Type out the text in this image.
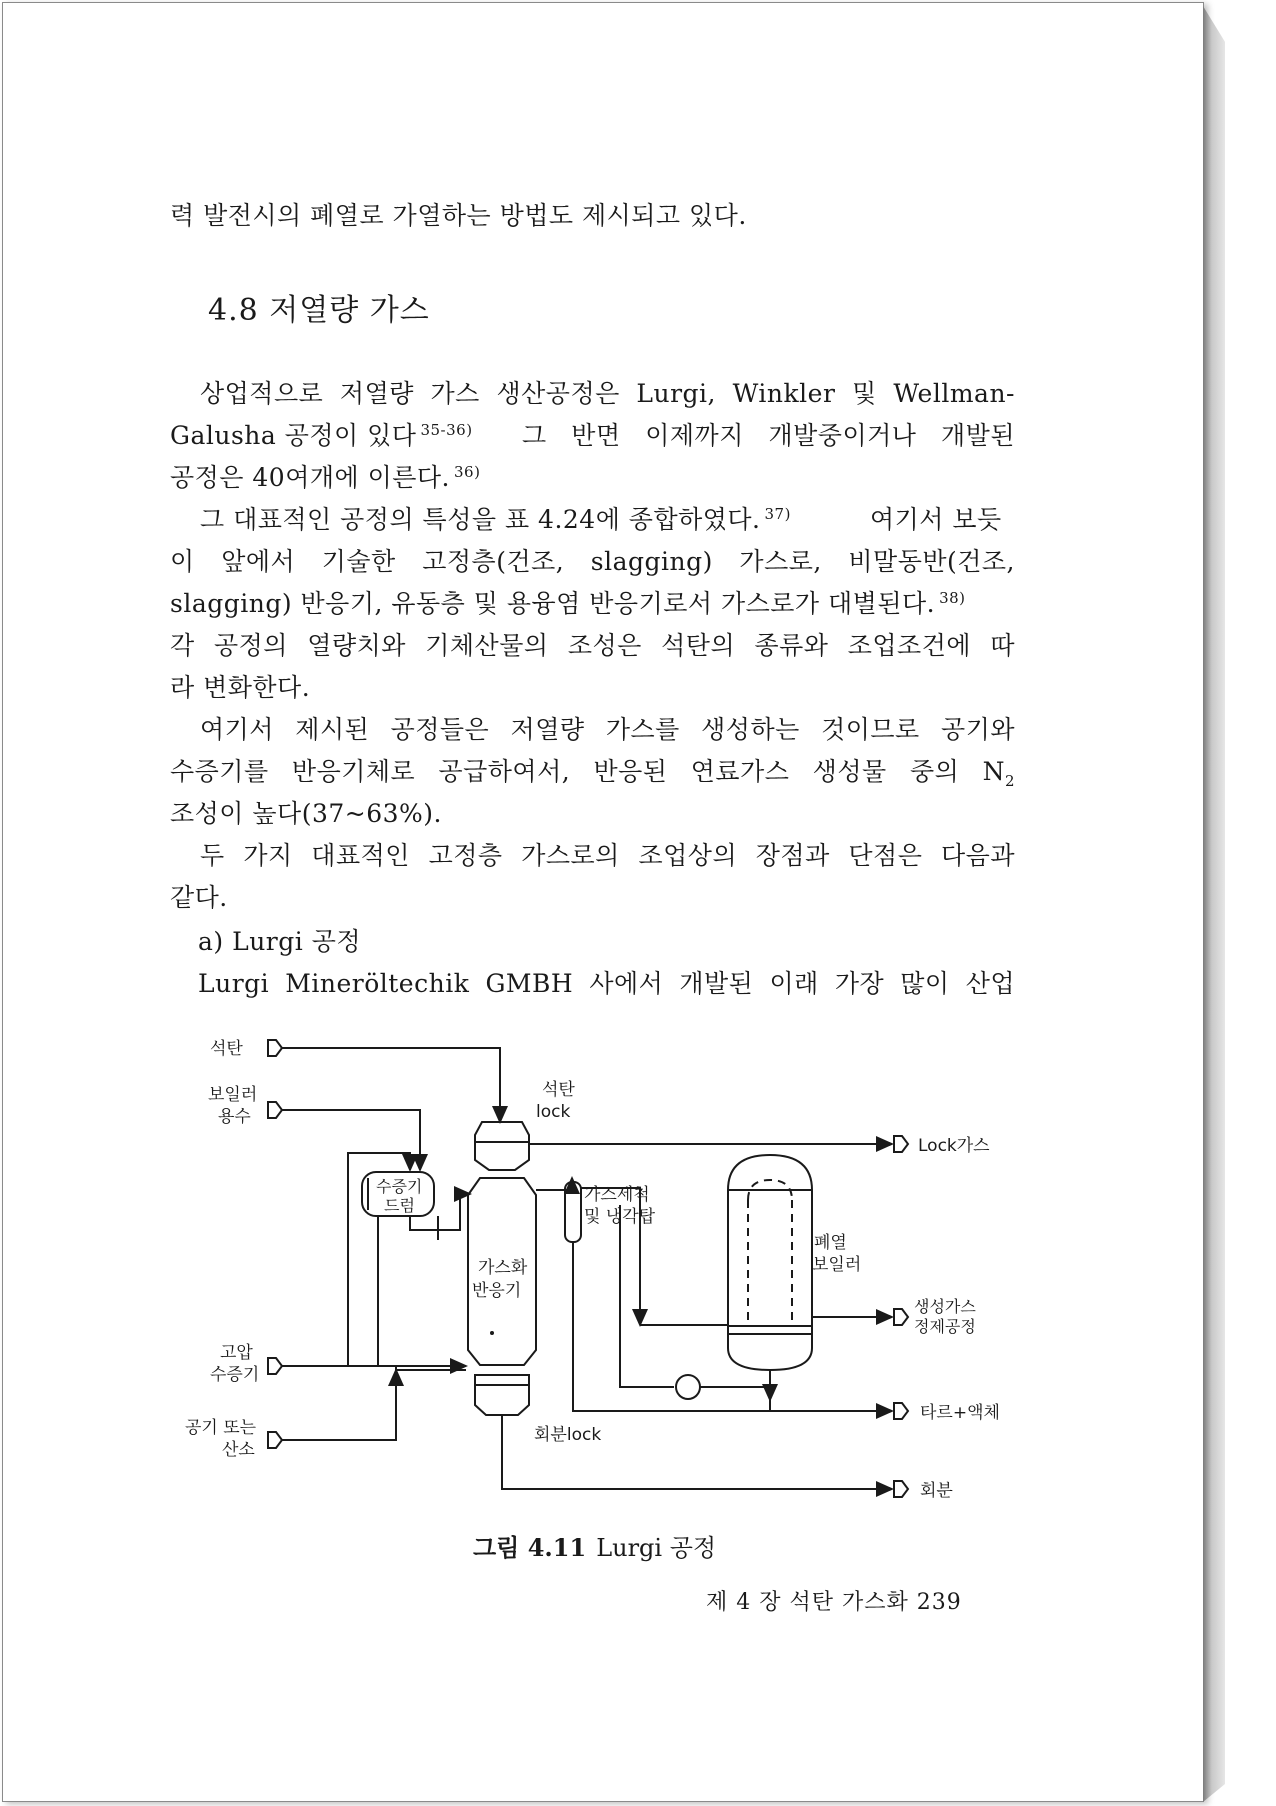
력 발전시의 폐열로 가열하는 방법도 제시되고 있다.
4.8 저열량 가스
상업적으로 저열량 가스 생산공정은 Lurgi, Winkler 및 Wellman-
Galusha 공정이 있다 $^{35-36)}$ 그 반면 이제까지 개발중이거나 개발된
공정은 40여개에 이른다. $^{36)}$
그 대표적인 공정의 특성을 표 4.24에 종합하였다. $^{37)}$	여기서 보듯
이 앞에서 기술한 고정층(건조, slagging) 가스로, 비말동반(건조,
slagging) 반응기, 유동층 및 용융염 반응기로서 가스로가 대별된다. $^{38)}$
각 공정의 열량치와 기체산물의 조성은 석탄의 종류와 조업조건에 따
라 변화한다.
여기서 제시된 공정들은 저열량 가스를 생성하는 것이므로 공기와
수증기를 반응기체로 공급하여서, 반응된 연료가스 생성물 중의 $N_2$
조성이 높다(37~63%).
두 가지 대표적인 고정층 가스로의 조업상의 장점과 단점은 다음과
같다.
a) Lurgi 공정
Lurgi Mineröltechik GMBH 사에서 개발된 이래 가장 많이 산업
석탄
보일러
용수
고압
수증기
공기 또는
산소
석탄
lock
수증기
드럼
가스화
반응기
가스세척
및 냉각탑
폐열
보일러
회분lock
Lock가스
생성가스
정제공정
타르+액체
회분
그림 4.11 Lurgi 공정
제 4 장 석탄 가스화 239
